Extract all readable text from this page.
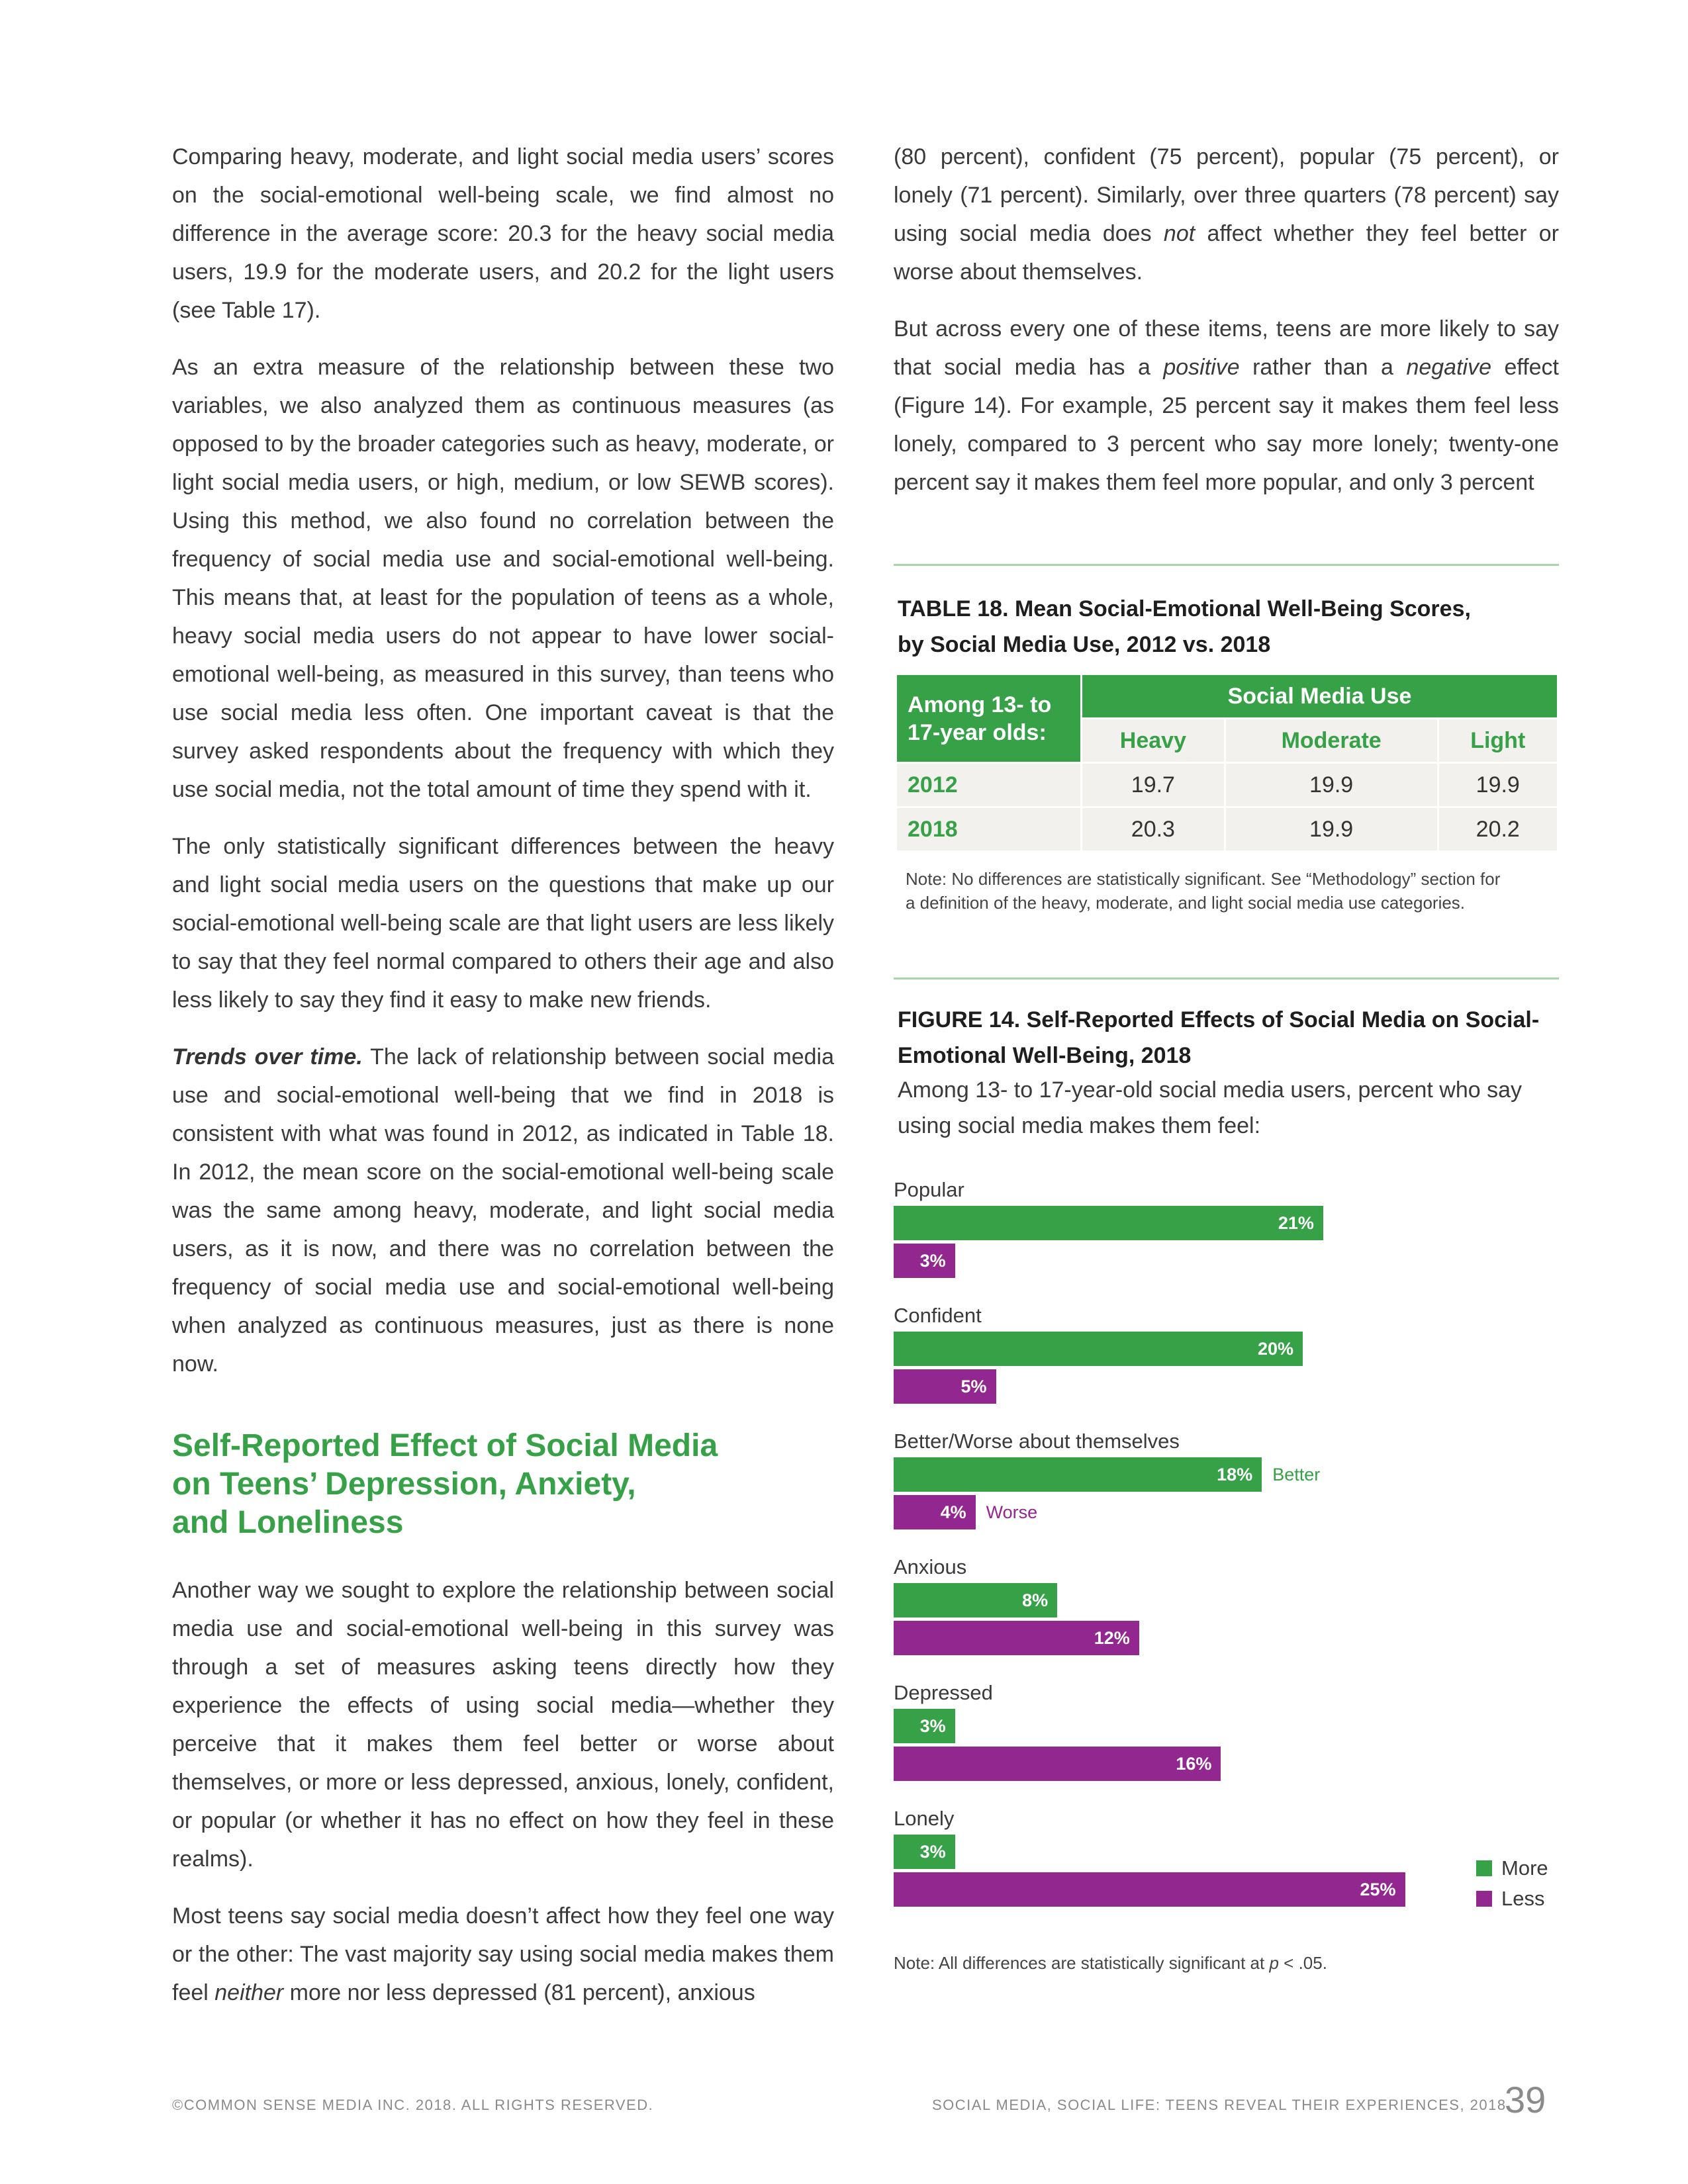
Comparing heavy, moderate, and light social media users’ scores on the social-emotional well-being scale, we find almost no difference in the average score: 20.3 for the heavy social media users, 19.9 for the moderate users, and 20.2 for the light users (see Table 17).

As an extra measure of the relationship between these two variables, we also analyzed them as continuous measures (as opposed to by the broader categories such as heavy, moderate, or light social media users, or high, medium, or low SEWB scores). Using this method, we also found no correlation between the frequency of social media use and social-emotional well-being. This means that, at least for the population of teens as a whole, heavy social media users do not appear to have lower social-emotional well-being, as measured in this survey, than teens who use social media less often. One important caveat is that the survey asked respondents about the frequency with which they use social media, not the total amount of time they spend with it.

The only statistically significant differences between the heavy and light social media users on the questions that make up our social-emotional well-being scale are that light users are less likely to say that they feel normal compared to others their age and also less likely to say they find it easy to make new friends.

Trends over time. The lack of relationship between social media use and social-emotional well-being that we find in 2018 is consistent with what was found in 2012, as indicated in Table 18. In 2012, the mean score on the social-emotional well-being scale was the same among heavy, moderate, and light social media users, as it is now, and there was no correlation between the frequency of social media use and social-emotional well-being when analyzed as continuous measures, just as there is none now.

Self-Reported Effect of Social Media
on Teens’ Depression, Anxiety,
and Loneliness

Another way we sought to explore the relationship between social media use and social-emotional well-being in this survey was through a set of measures asking teens directly how they experience the effects of using social media—whether they perceive that it makes them feel better or worse about themselves, or more or less depressed, anxious, lonely, confident, or popular (or whether it has no effect on how they feel in these realms).

Most teens say social media doesn’t affect how they feel one way or the other: The vast majority say using social media makes them feel neither more nor less depressed (81 percent), anxious

(80 percent), confident (75 percent), popular (75 percent), or lonely (71 percent). Similarly, over three quarters (78 percent) say using social media does not affect whether they feel better or worse about themselves.

But across every one of these items, teens are more likely to say that social media has a positive rather than a negative effect (Figure 14). For example, 25 percent say it makes them feel less lonely, compared to 3 percent who say more lonely; twenty-one percent say it makes them feel more popular, and only 3 percent

TABLE 18. Mean Social-Emotional Well-Being Scores,
by Social Media Use, 2012 vs. 2018
Among 13- to
17-year olds:	Social Media Use		
	Heavy	Moderate	Light
2012	19.7	19.9	19.9
2018	20.3	19.9	20.2
Note: No differences are statistically significant. See “Methodology” section for
a definition of the heavy, moderate, and light social media use categories.
FIGURE 14. Self-Reported Effects of Social Media on Social-
Emotional Well-Being, 2018
Among 13- to 17-year-old social media users, percent who say
using social media makes them feel:
Popular
21%
3%
Confident
20%
5%
Better/Worse about themselves
18% Better
4% Worse
Anxious
8%
12%
Depressed
3%
16%
Lonely
3%
25%
More
Less
Note: All differences are statistically significant at p < .05.
©COMMON SENSE MEDIA INC. 2018. ALL RIGHTS RESERVED.	SOCIAL MEDIA, SOCIAL LIFE: TEENS REVEAL THEIR EXPERIENCES, 2018
39
